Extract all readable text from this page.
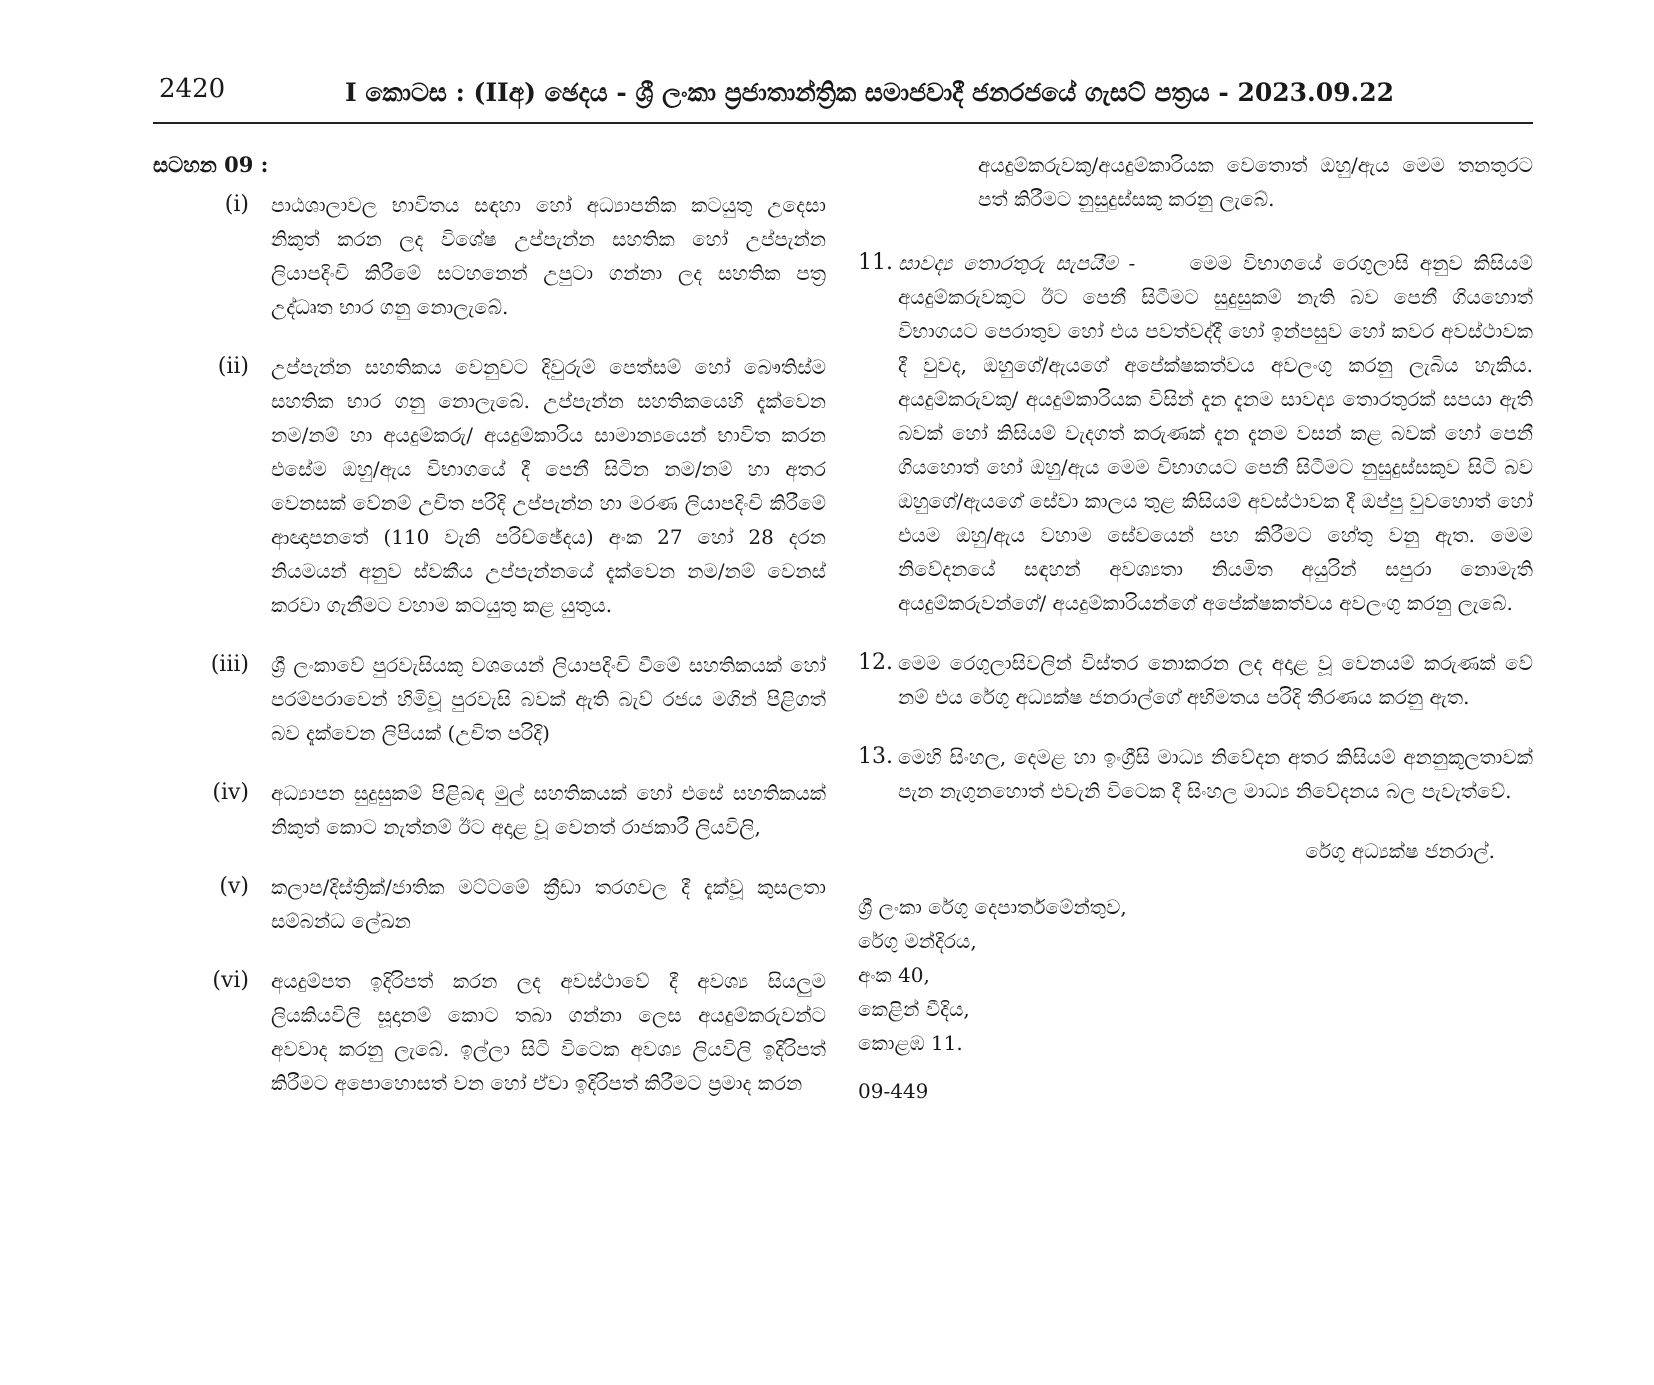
2420	I කොටස : (IIඅ) ඡෙදය - ශ්‍රී ලංකා ප්‍රජාතාන්ත්‍රික සමාජවාදී ජනරජයේ ගැසට් පත්‍රය - 2023.09.22
සටහන 09 :
(i) පාඨශාලාවල භාවිතය සඳහා හෝ අධ්‍යාපනික කටයුතු උදෙසා නිකුත් කරන ලද විශේෂ උප්පැන්න සහතික හෝ උප්පැන්න ලියාපදිංචි කිරීමේ සටහනෙන් උපුටා ගන්නා ලද සහතික පත්‍ර උද්ධෘත භාර ගනු නොලැබේ.
(ii) උප්පැන්න සහතිකය වෙනුවට දිවුරුම් පෙත්සම් හෝ බෞතිස්ම සහතික භාර ගනු නොලැබේ. උප්පැන්න සහතිකයෙහි දැක්වෙන නම/නම් හා අයදුම්කරු/ අයදුම්කාරිය සාමාන්‍යයෙන් භාවිත කරන එසේම ඔහු/ඇය විභාගයේ දී පෙනී සිටින නම/නම් හා අතර වෙනසක් වේනම් උචිත පරිදි උප්පැන්න හා මරණ ලියාපදිංචි කිරීමේ ආඥාපනතේ (110 වැනි පරිච්ඡේදය) අංක 27 හෝ 28 දරන නියමයන් අනුව ස්වකීය උප්පැන්නයේ දැක්වෙන නම/නම් වෙනස් කරවා ගැනීමට වහාම කටයුතු කළ යුතුය.
(iii) ශ්‍රී ලංකාවේ පුරවැසියකු වශයෙන් ලියාපදිංචි වීමේ සහතිකයක් හෝ පරම්පරාවෙන් හිමිවූ පුරවැසි බවක් ඇති බැව් රජය මගින් පිළිගත් බව දැක්වෙන ලිපියක් (උචිත පරිදි)
(iv) අධ්‍යාපන සුදුසුකම් පිළිබඳ මුල් සහතිකයක් හෝ එසේ සහතිකයක් නිකුත් කොට නැත්නම් ඊට අදාළ වූ වෙනත් රාජකාරී ලියවිලි,
(v) කලාප/දිස්ත්‍රික්/ජාතික මට්ටමේ ක්‍රීඩා තරගවල දී දැක්වූ කුසලතා සම්බන්ධ ලේඛන
(vi) අයදුම්පත ඉදිරිපත් කරන ලද අවස්ථාවේ දී අවශ්‍ය සියලුම ලියකියවිලි සූදානම් කොට තබා ගන්නා ලෙස අයදුම්කරුවන්ට අවවාද කරනු ලැබේ. ඉල්ලා සිටි විටෙක අවශ්‍ය ලියවිලි ඉදිරිපත් කිරීමට අපොහොසත් වන හෝ ඒවා ඉදිරිපත් කිරීමට ප්‍රමාද කරන
අයදුම්කරුවකු/අයදුම්කාරියක වෙතොත් ඔහු/ඇය මෙම තනතුරට පත් කිරීමට නුසුදුස්සකු කරනු ලැබේ.
11. සාවද්‍ය තොරතුරු සැපයීම -	මෙම විභාගයේ රෙගුලාසි අනුව කිසියම් අයදුම්කරුවකුට ඊට පෙනී සිටීමට සුදුසුකම් නැති බව පෙනී ගියහොත් විභාගයට පෙරාතුව හෝ එය පවත්වද්දී හෝ ඉන්පසුව හෝ කවර අවස්ථාවක දී වුවද, ඔහුගේ/ඇයගේ අපේක්ෂකත්වය අවලංගු කරනු ලැබිය හැකිය. අයදුම්කරුවකු/ අයදුම්කාරියක විසින් දැන දැනම සාවද්‍ය තොරතුරක් සපයා ඇති බවක් හෝ කිසියම් වැදගත් කරුණක් දැන දැනම වසන් කළ බවක් හෝ පෙනී ගියහොත් හෝ ඔහු/ඇය මෙම විභාගයට පෙනී සිටීමට නුසුදුස්සකුව සිටි බව ඔහුගේ/ඇයගේ සේවා කාලය තුළ කිසියම් අවස්ථාවක දී ඔප්පු වුවහොත් හෝ එයම ඔහු/ඇය වහාම සේවයෙන් පහ කිරීමට හේතු වනු ඇත. මෙම නිවේදනයේ සඳහන් අවශ්‍යතා නියමිත අයුරින් සපුරා නොමැති අයදුම්කරුවන්ගේ/ අයදුම්කාරියන්ගේ අපේක්ෂකත්වය අවලංගු කරනු ලැබේ.
12. මෙම රෙගුලාසිවලින් විස්තර නොකරන ලද අදාළ වූ වෙනයම් කරුණක් වේ නම් එය රේගු අධ්‍යක්ෂ ජනරාල්ගේ අභිමතය පරිදි තීරණය කරනු ඇත.
13. මෙහි සිංහල, දෙමළ හා ඉංග්‍රීසි මාධ්‍ය නිවේදන අතර කිසියම් අනනුකූලතාවක් පැන නැගුනහොත් එවැනි විටෙක දී සිංහල මාධ්‍ය නිවේදනය බල පැවැත්වේ.
රේගු අධ්‍යක්ෂ ජනරාල්.
ශ්‍රී ලංකා රේගු දෙපාර්තමේන්තුව,
රේගු මන්දිරය,
අංක 40,
කෙළින් වීදිය,
කොළඹ 11.
09-449
